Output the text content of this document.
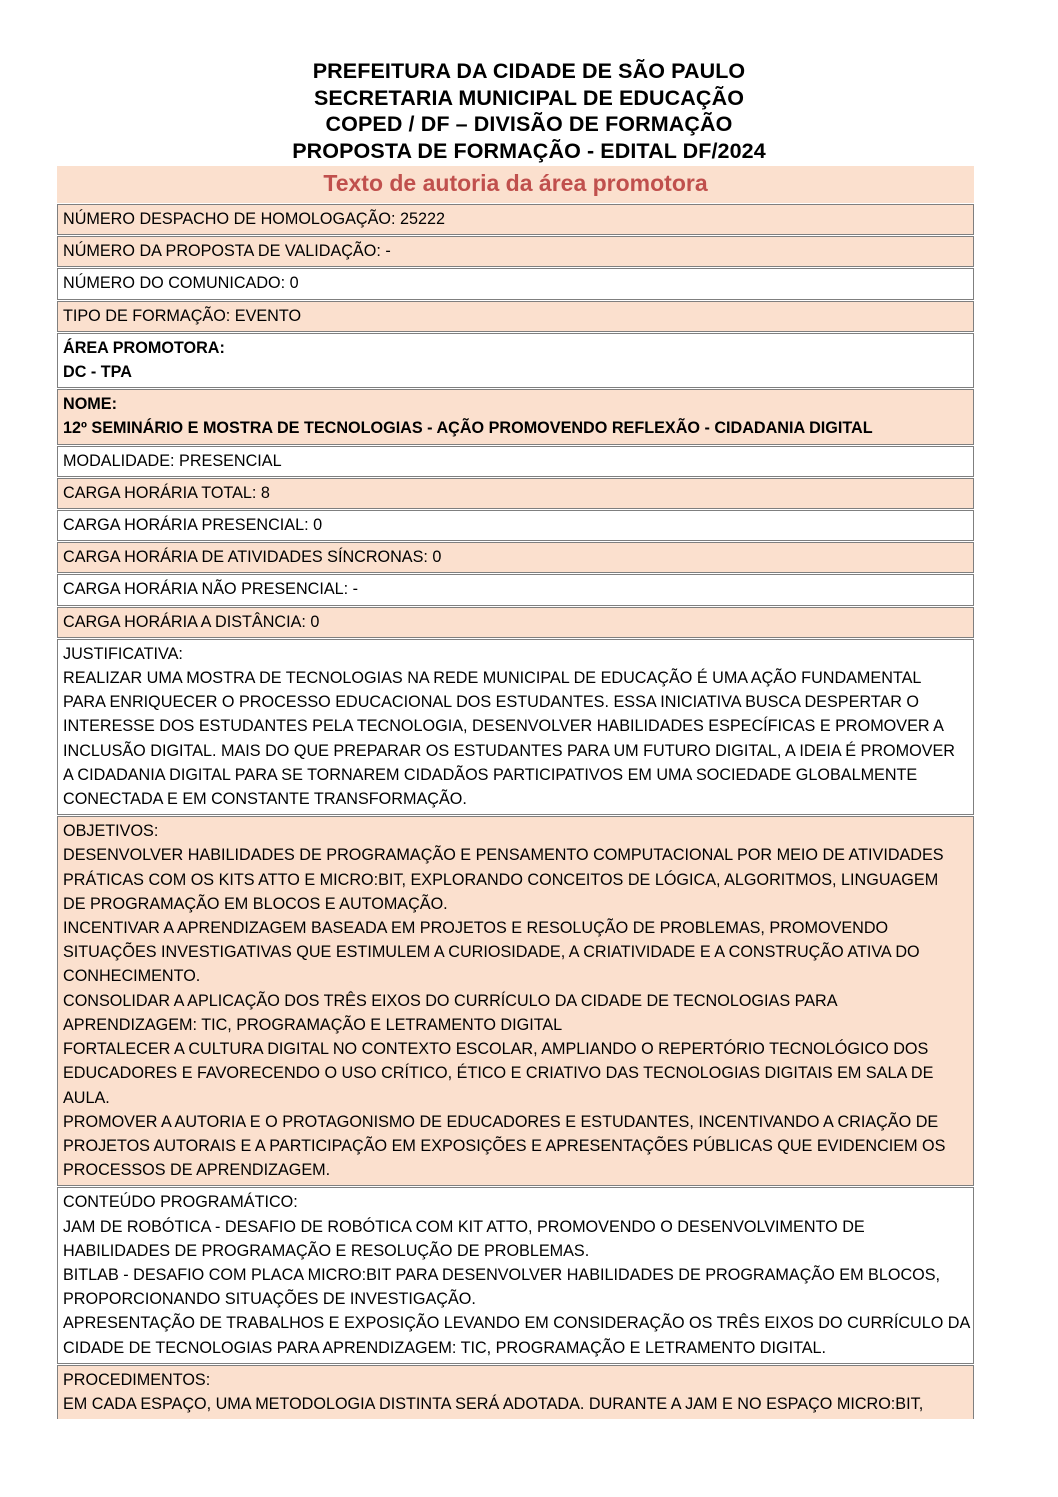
PREFEITURA DA CIDADE DE SÃO PAULO
SECRETARIA MUNICIPAL DE EDUCAÇÃO
COPED / DF – DIVISÃO DE FORMAÇÃO
PROPOSTA DE FORMAÇÃO - EDITAL DF/2024
Texto de autoria da área promotora
NÚMERO DESPACHO DE HOMOLOGAÇÃO: 25222

NÚMERO DA PROPOSTA DE VALIDAÇÃO: -

NÚMERO DO COMUNICADO: 0

TIPO DE FORMAÇÃO: EVENTO

ÁREA PROMOTORA:
DC - TPA

NOME:
12º SEMINÁRIO E MOSTRA DE TECNOLOGIAS - AÇÃO PROMOVENDO REFLEXÃO - CIDADANIA DIGITAL

MODALIDADE: PRESENCIAL

CARGA HORÁRIA TOTAL: 8

CARGA HORÁRIA PRESENCIAL: 0

CARGA HORÁRIA DE ATIVIDADES SÍNCRONAS: 0

CARGA HORÁRIA NÃO PRESENCIAL: -

CARGA HORÁRIA A DISTÂNCIA: 0

JUSTIFICATIVA:
REALIZAR UMA MOSTRA DE TECNOLOGIAS NA REDE MUNICIPAL DE EDUCAÇÃO É UMA AÇÃO FUNDAMENTAL
PARA ENRIQUECER O PROCESSO EDUCACIONAL DOS ESTUDANTES. ESSA INICIATIVA BUSCA DESPERTAR O
INTERESSE DOS ESTUDANTES PELA TECNOLOGIA, DESENVOLVER HABILIDADES ESPECÍFICAS E PROMOVER A
INCLUSÃO DIGITAL. MAIS DO QUE PREPARAR OS ESTUDANTES PARA UM FUTURO DIGITAL, A IDEIA É PROMOVER
A CIDADANIA DIGITAL PARA SE TORNAREM CIDADÃOS PARTICIPATIVOS EM UMA SOCIEDADE GLOBALMENTE
CONECTADA E EM CONSTANTE TRANSFORMAÇÃO.

OBJETIVOS:
DESENVOLVER HABILIDADES DE PROGRAMAÇÃO E PENSAMENTO COMPUTACIONAL POR MEIO DE ATIVIDADES
PRÁTICAS COM OS KITS ATTO E MICRO:BIT, EXPLORANDO CONCEITOS DE LÓGICA, ALGORITMOS, LINGUAGEM
DE PROGRAMAÇÃO EM BLOCOS E AUTOMAÇÃO.
INCENTIVAR A APRENDIZAGEM BASEADA EM PROJETOS E RESOLUÇÃO DE PROBLEMAS, PROMOVENDO
SITUAÇÕES INVESTIGATIVAS QUE ESTIMULEM A CURIOSIDADE, A CRIATIVIDADE E A CONSTRUÇÃO ATIVA DO
CONHECIMENTO.
CONSOLIDAR A APLICAÇÃO DOS TRÊS EIXOS DO CURRÍCULO DA CIDADE DE TECNOLOGIAS PARA
APRENDIZAGEM: TIC, PROGRAMAÇÃO E LETRAMENTO DIGITAL
FORTALECER A CULTURA DIGITAL NO CONTEXTO ESCOLAR, AMPLIANDO O REPERTÓRIO TECNOLÓGICO DOS
EDUCADORES E FAVORECENDO O USO CRÍTICO, ÉTICO E CRIATIVO DAS TECNOLOGIAS DIGITAIS EM SALA DE
AULA.
PROMOVER A AUTORIA E O PROTAGONISMO DE EDUCADORES E ESTUDANTES, INCENTIVANDO A CRIAÇÃO DE
PROJETOS AUTORAIS E A PARTICIPAÇÃO EM EXPOSIÇÕES E APRESENTAÇÕES PÚBLICAS QUE EVIDENCIEM OS
PROCESSOS DE APRENDIZAGEM.

CONTEÚDO PROGRAMÁTICO:
JAM DE ROBÓTICA - DESAFIO DE ROBÓTICA COM KIT ATTO, PROMOVENDO O DESENVOLVIMENTO DE
HABILIDADES DE PROGRAMAÇÃO E RESOLUÇÃO DE PROBLEMAS.
BITLAB - DESAFIO COM PLACA MICRO:BIT PARA DESENVOLVER HABILIDADES DE PROGRAMAÇÃO EM BLOCOS,
PROPORCIONANDO SITUAÇÕES DE INVESTIGAÇÃO.
APRESENTAÇÃO DE TRABALHOS E EXPOSIÇÃO LEVANDO EM CONSIDERAÇÃO OS TRÊS EIXOS DO CURRÍCULO DA
CIDADE DE TECNOLOGIAS PARA APRENDIZAGEM: TIC, PROGRAMAÇÃO E LETRAMENTO DIGITAL.

PROCEDIMENTOS:
EM CADA ESPAÇO, UMA METODOLOGIA DISTINTA SERÁ ADOTADA. DURANTE A JAM E NO ESPAÇO MICRO:BIT,
